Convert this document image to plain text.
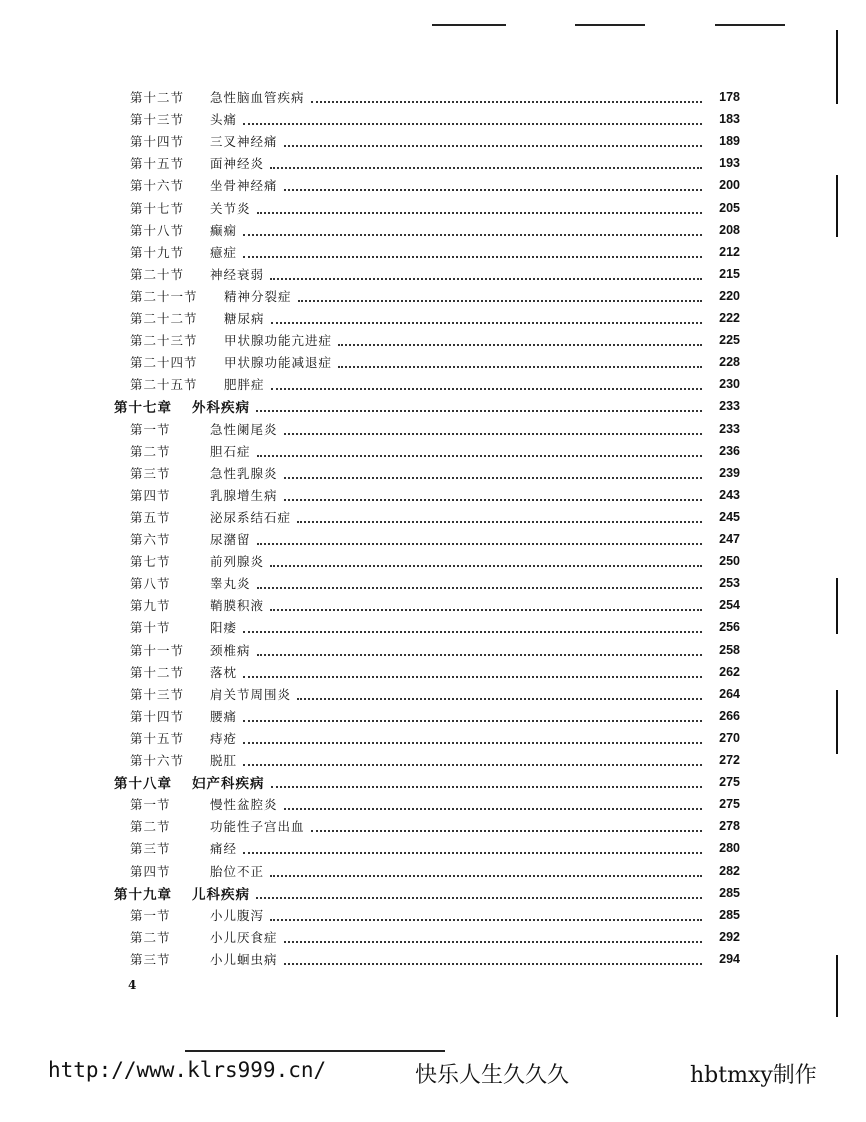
第十二节	急性脑血管疾病	178
第十三节	头痛	183
第十四节	三叉神经痛	189
第十五节	面神经炎	193
第十六节	坐骨神经痛	200
第十七节	关节炎	205
第十八节	癫痫	208
第十九节	癔症	212
第二十节	神经衰弱	215
第二十一节	精神分裂症	220
第二十二节	糖尿病	222
第二十三节	甲状腺功能亢进症	225
第二十四节	甲状腺功能减退症	228
第二十五节	肥胖症	230
第十七章	外科疾病	233
第一节	急性阑尾炎	233
第二节	胆石症	236
第三节	急性乳腺炎	239
第四节	乳腺增生病	243
第五节	泌尿系结石症	245
第六节	尿潴留	247
第七节	前列腺炎	250
第八节	睾丸炎	253
第九节	鞘膜积液	254
第十节	阳痿	256
第十一节	颈椎病	258
第十二节	落枕	262
第十三节	肩关节周围炎	264
第十四节	腰痛	266
第十五节	痔疮	270
第十六节	脱肛	272
第十八章	妇产科疾病	275
第一节	慢性盆腔炎	275
第二节	功能性子宫出血	278
第三节	痛经	280
第四节	胎位不正	282
第十九章	儿科疾病	285
第一节	小儿腹泻	285
第二节	小儿厌食症	292
第三节	小儿蛔虫病	294
4
http://www.klrs999.cn/	快乐人生久久久	hbtmxy制作
